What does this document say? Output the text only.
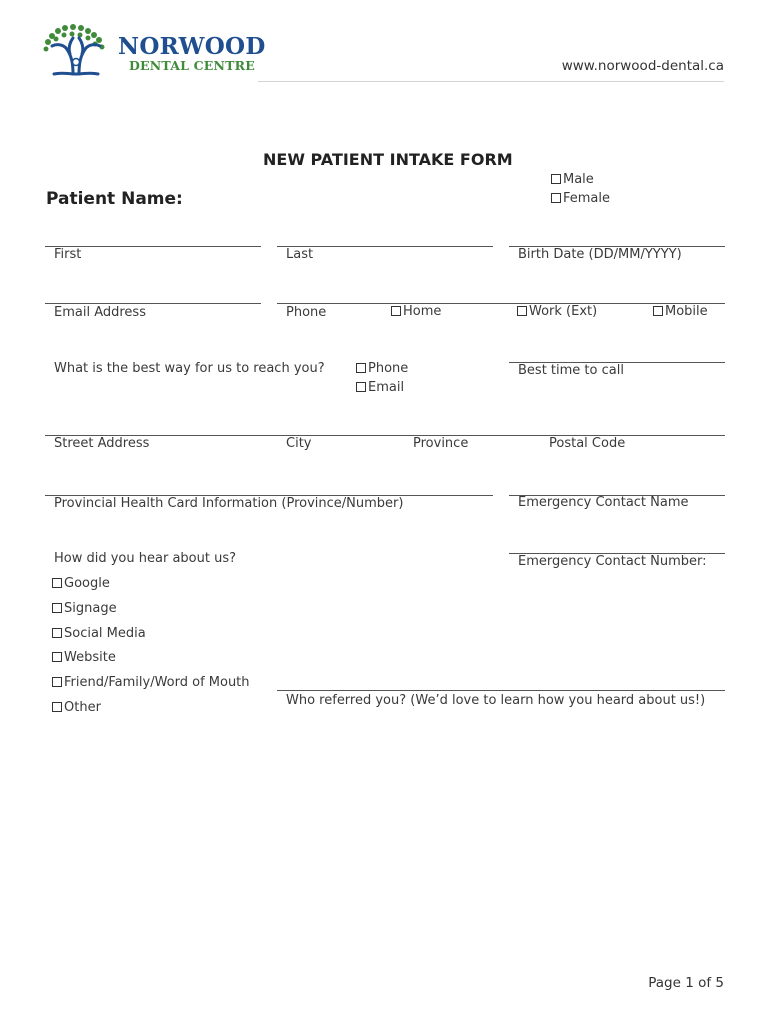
NORWOOD
DENTAL CENTRE	www.norwood-dental.ca
NEW PATIENT INTAKE FORM
Patient Name:
Male
Female
First	Last	Birth Date (DD/MM/YYYY)
Email Address	Phone	Home	Work (Ext)	Mobile
What is the best way for us to reach you?	Phone
Email
Best time to call
Street Address	City	Province	Postal Code
Provincial Health Card Information (Province/Number)	Emergency Contact Name
How did you hear about us?	Emergency Contact Number:
Google
Signage
Social Media
Website
Friend/Family/Word of Mouth
Other	Who referred you? (We’d love to learn how you heard about us!)
Page 1 of 5
